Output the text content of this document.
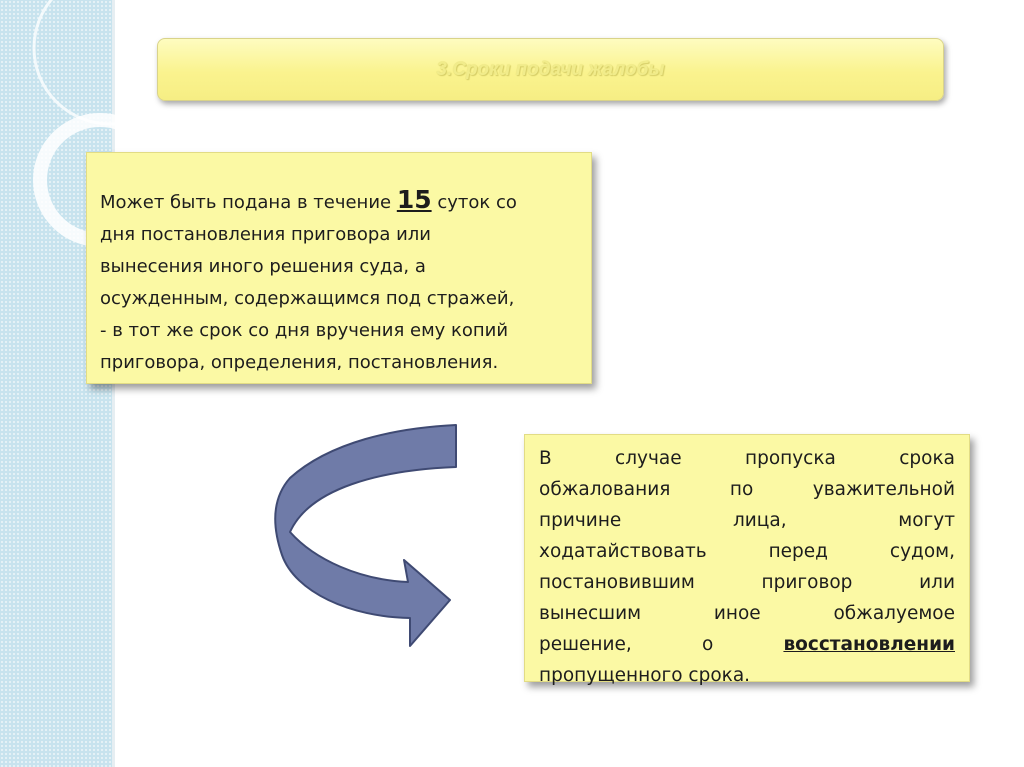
3.Сроки подачи жалобы
Может быть подана в течение 15 суток со
дня постановления приговора или
вынесения иного решения суда, а
осужденным, содержащимся под стражей,
- в тот же срок со дня вручения ему копий
приговора, определения, постановления.
В	случае	пропуска	срока
обжалования	по	уважительной
причине	лица,	могут
ходатайствовать	перед	судом,
постановившим	приговор	или
вынесшим	иное	обжалуемое
решение,	о	восстановлении
пропущенного срока.
